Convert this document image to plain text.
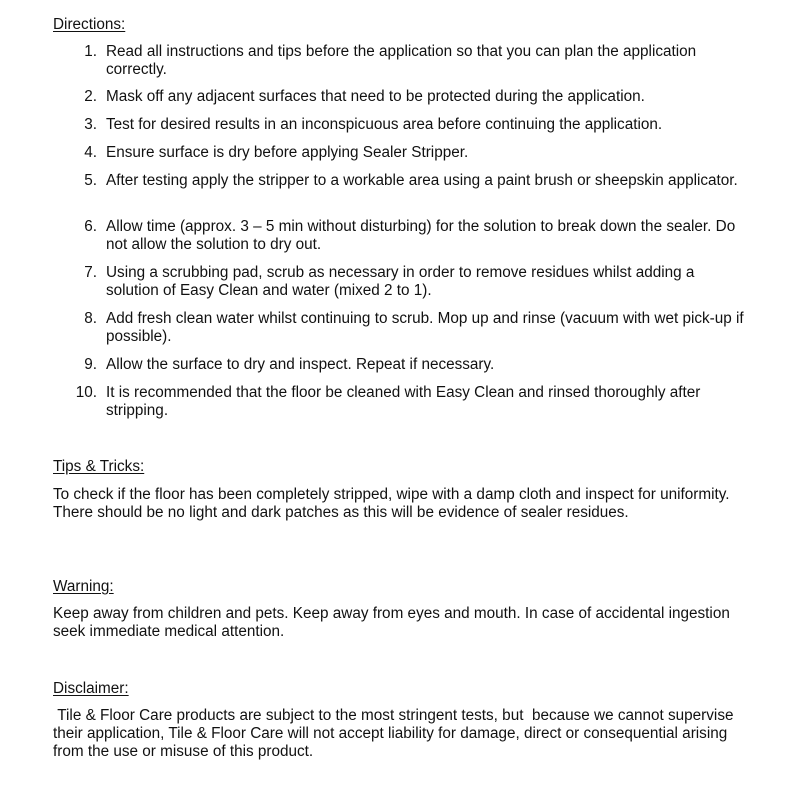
Directions:
1. Read all instructions and tips before the application so that you can plan the application correctly.
2. Mask off any adjacent surfaces that need to be protected during the application.
3. Test for desired results in an inconspicuous area before continuing the application.
4. Ensure surface is dry before applying Sealer Stripper.
5. After testing apply the stripper to a workable area using a paint brush or sheepskin applicator.
6. Allow time (approx. 3 – 5 min without disturbing) for the solution to break down the sealer. Do not allow the solution to dry out.
7. Using a scrubbing pad, scrub as necessary in order to remove residues whilst adding a solution of Easy Clean and water (mixed 2 to 1).
8. Add fresh clean water whilst continuing to scrub. Mop up and rinse (vacuum with wet pick-up if possible).
9. Allow the surface to dry and inspect. Repeat if necessary.
10. It is recommended that the floor be cleaned with Easy Clean and rinsed thoroughly after stripping.
Tips & Tricks:

To check if the floor has been completely stripped, wipe with a damp cloth and inspect for uniformity. There should be no light and dark patches as this will be evidence of sealer residues.

Warning:

Keep away from children and pets. Keep away from eyes and mouth. In case of accidental ingestion seek immediate medical attention.

Disclaimer:

Tile & Floor Care products are subject to the most stringent tests, but  because we cannot supervise their application, Tile & Floor Care will not accept liability for damage, direct or consequential arising from the use or misuse of this product.
